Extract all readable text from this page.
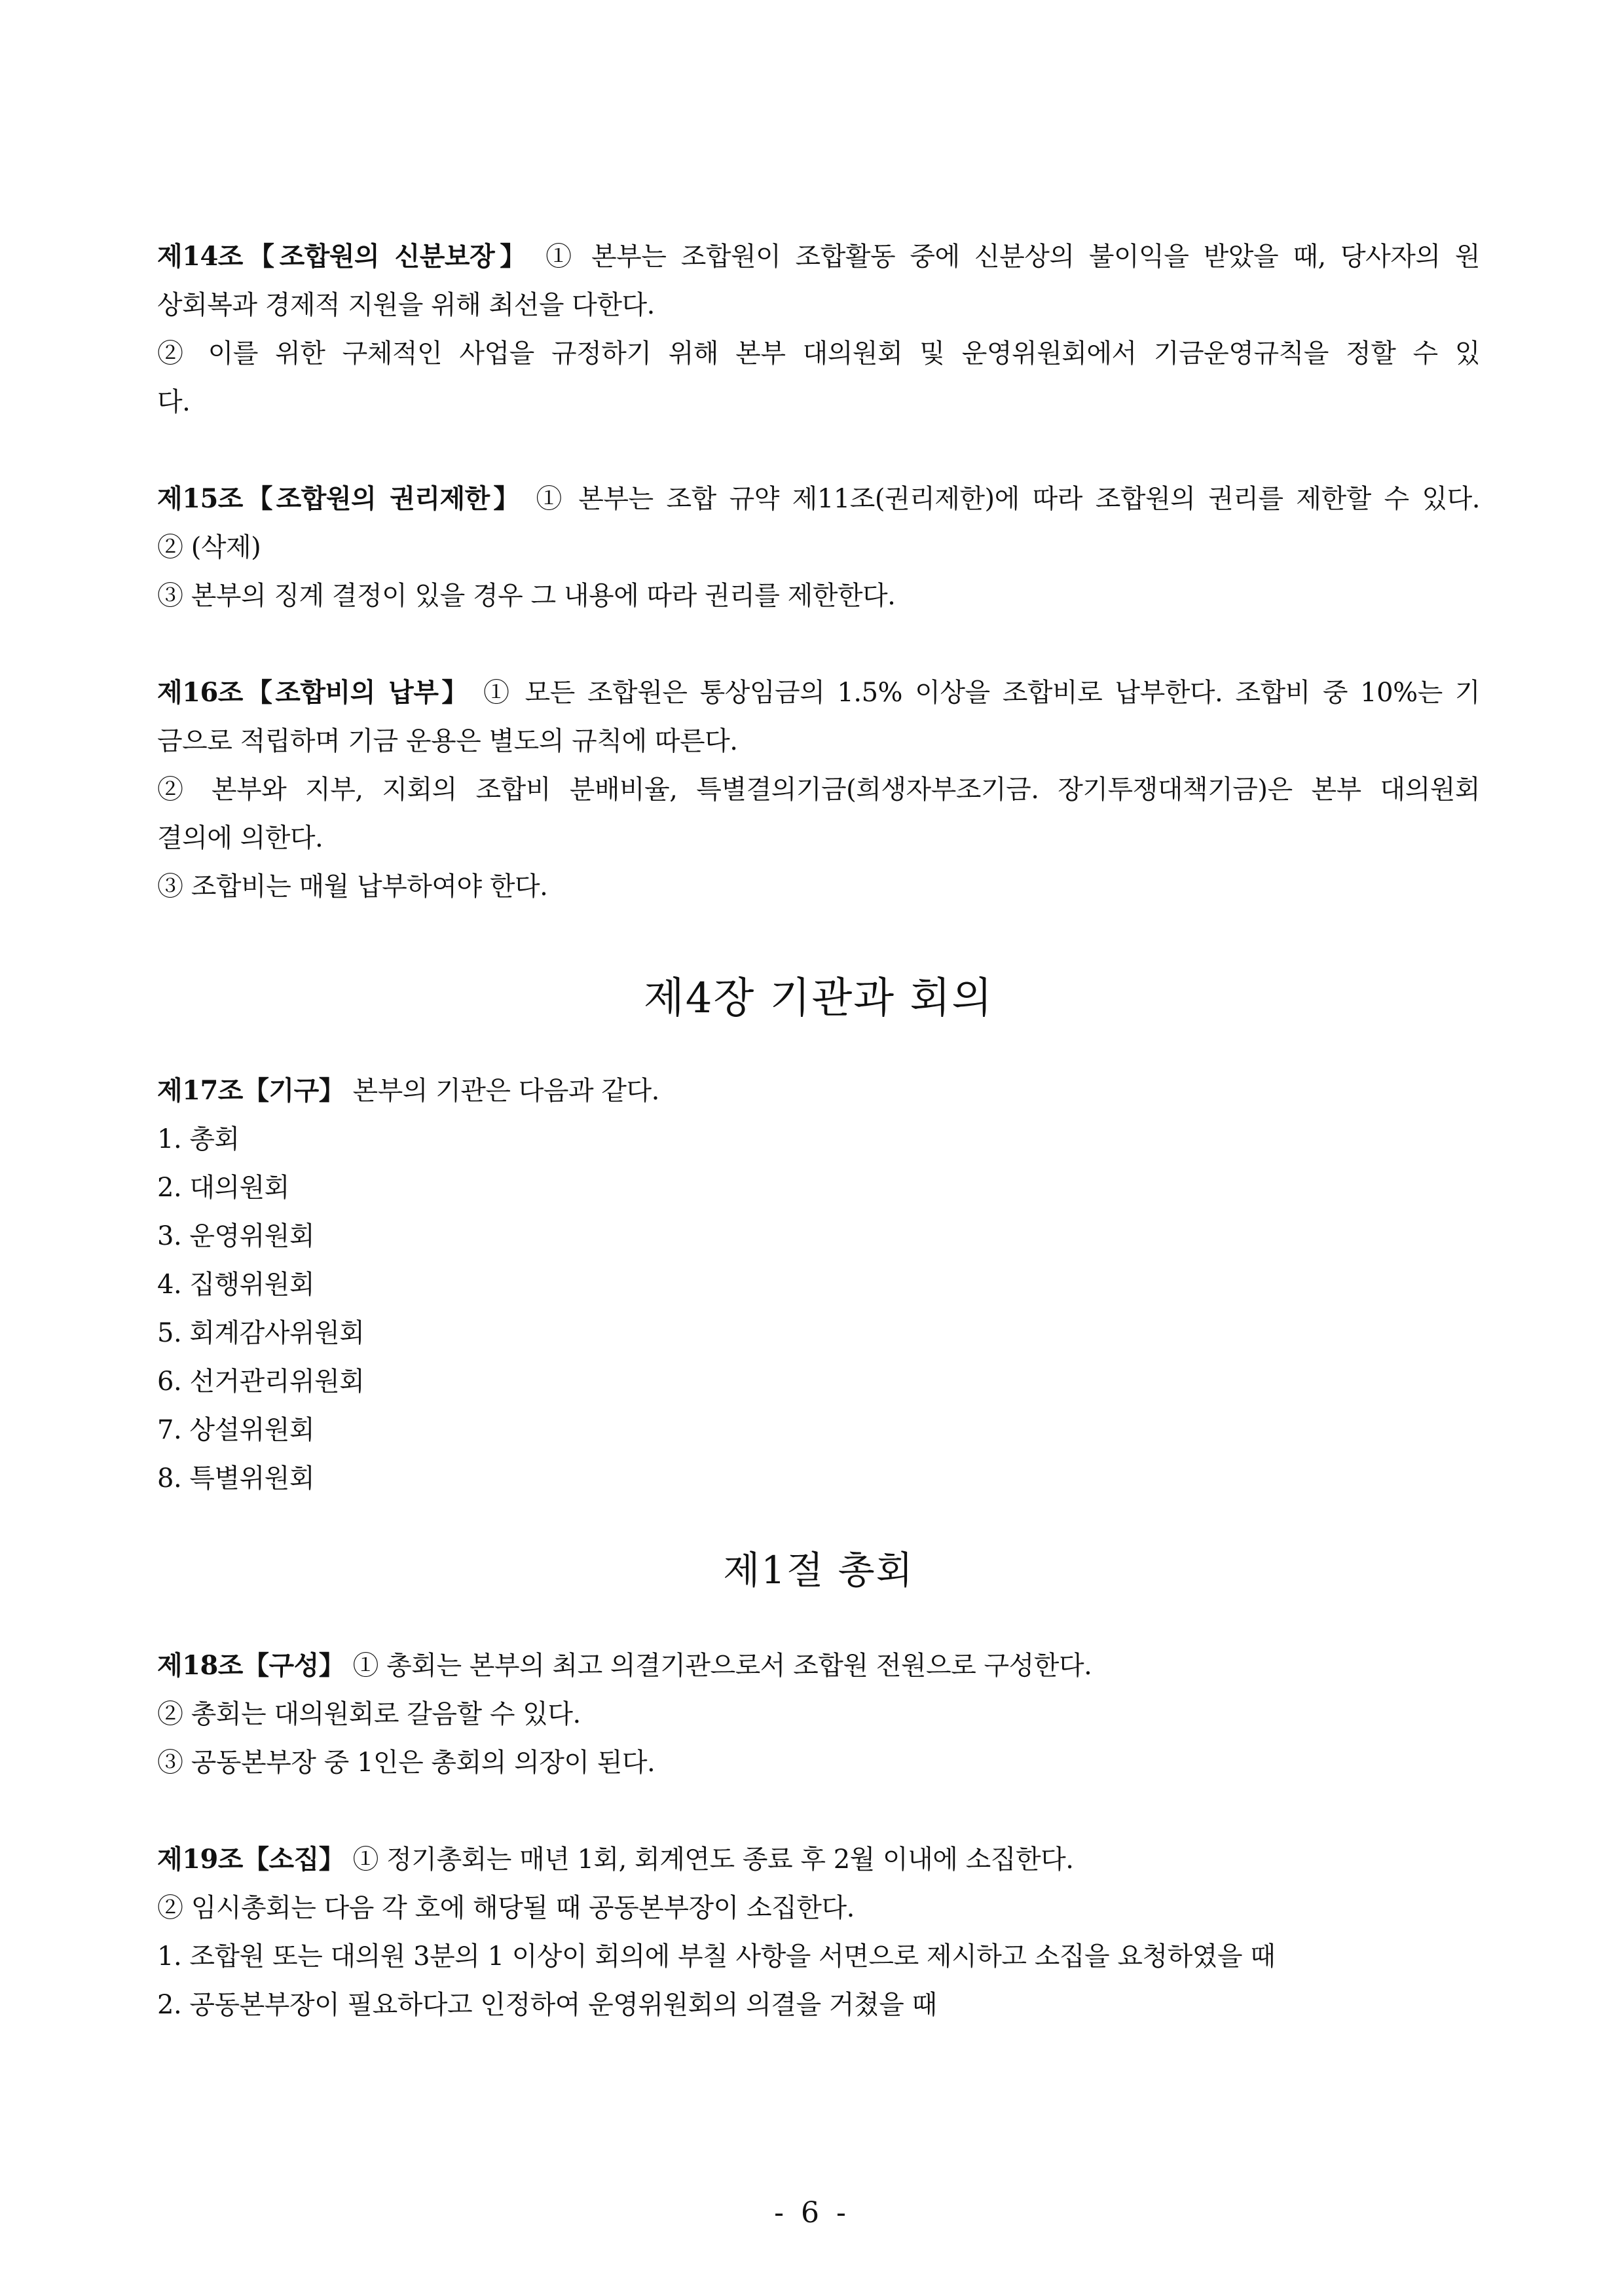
제14조【조합원의 신분보장】 ① 본부는 조합원이 조합활동 중에 신분상의 불이익을 받았을 때, 당사자의 원
상회복과 경제적 지원을 위해 최선을 다한다.
② 이를 위한 구체적인 사업을 규정하기 위해 본부 대의원회 및 운영위원회에서 기금운영규칙을 정할 수 있
다.
제15조【조합원의 권리제한】 ① 본부는 조합 규약 제11조(권리제한)에 따라 조합원의 권리를 제한할 수 있다.
② (삭제)
③ 본부의 징계 결정이 있을 경우 그 내용에 따라 권리를 제한한다.
제16조【조합비의 납부】 ① 모든 조합원은 통상임금의 1.5% 이상을 조합비로 납부한다. 조합비 중 10%는 기
금으로 적립하며 기금 운용은 별도의 규칙에 따른다.
② 본부와 지부, 지회의 조합비 분배비율, 특별결의기금(희생자부조기금. 장기투쟁대책기금)은 본부 대의원회
결의에 의한다.
③ 조합비는 매월 납부하여야 한다.
제4장 기관과 회의
제17조【기구】 본부의 기관은 다음과 같다.
1. 총회
2. 대의원회
3. 운영위원회
4. 집행위원회
5. 회계감사위원회
6. 선거관리위원회
7. 상설위원회
8. 특별위원회
제1절 총회
제18조【구성】 ① 총회는 본부의 최고 의결기관으로서 조합원 전원으로 구성한다.
② 총회는 대의원회로 갈음할 수 있다.
③ 공동본부장 중 1인은 총회의 의장이 된다.
제19조【소집】 ① 정기총회는 매년 1회, 회계연도 종료 후 2월 이내에 소집한다.
② 임시총회는 다음 각 호에 해당될 때 공동본부장이 소집한다.
1. 조합원 또는 대의원 3분의 1 이상이 회의에 부칠 사항을 서면으로 제시하고 소집을 요청하였을 때
2. 공동본부장이 필요하다고 인정하여 운영위원회의 의결을 거쳤을 때
- 6 -
